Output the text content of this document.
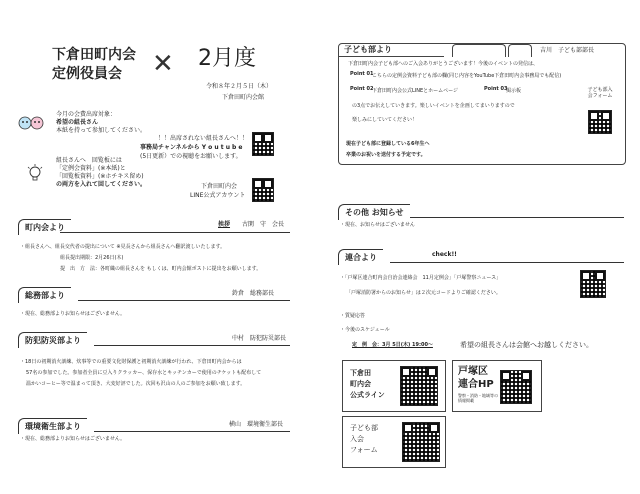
下倉田町内会
定例役員会 ✕ 2月度
令和８年２月５日（木）
下倉田町内会館
今月の会費出席対象：
希望の組長さん
本紙を持って参加してください。
！！出席されない組長さんへ！！
事務局チャンネルから Y o u t u b e
(5日更新）での視聴をお願いします。
組長さんへ　回覧板には
「定例会資料」(※本紙)と
「回覧板資料」(※ホチキス留め)
の両方を入れて回してください。	下倉田町内会
LINE公式アカウント
町内会より	挨拶 古閑　守　会長
・組長さんへ、組長交代者の提出について ※見長さんから組長さんへ翻訳渡しいたします。
組長提出期限：2月26日(木)
提　出　方　法：各町織の組長さんを もしくは、町内会館ポストに提出をお願いします。
総務部より	鈴倉　総務部長
・現在、総務部よりお知らせはございません。
防犯防災部より	中村　防犯防災部長
・18日の初期消火訓練、炊事等での重要文化財保護と初期消火訓練が行われ、下倉田町内会からは
57名の参加でした。参加者全員に豆入りクラッカー、保存水とキッチンカーで使用のチケットも配布して
温かいコーヒー等で温まって頂き、大変好評でした。次回も沢山の人のご参加をお願い致します。
環境衛生部より	横山　環境衛生部長
・現在、総務部よりお知らせはございません。
子ども部より	吉川　子ども部部長
下倉田町内会子ども部へのご入会ありがとうございます！今後のイベントの発信は、
Point 01
こちらの定例会資料子ども部の欄(同じ内容をYouTube下倉田町内会事務局でも配信)
Point 02
下倉田町内会公式LINEとホームページ	Point 03
掲示板	子ども部入会フォーム
の3点でお伝えしていきます。楽しいイベントを企画してまいりますので
楽しみにしていてください！
現在子ども部に登録している6年生へ
卒業のお祝いを送付する予定です。
その他 お知らせ
・現在、お知らせはございません
連合より	check!!
・「戸塚区連合町内会自治会連絡会　11月定例会」「戸塚警察ニュース」
「戸塚消防署からのお知らせ」は２次元コードよりご確認ください。
・質疑応答
・今後のスケジュール
定　例　会：3月 5日(木) 19:00～	希望の組長さんは会館へお越しください。
下倉田
町内会
公式ライン
戸塚区
連合HP
警察・消防・地域等の情報掲載
子ども部
入会
フォーム
